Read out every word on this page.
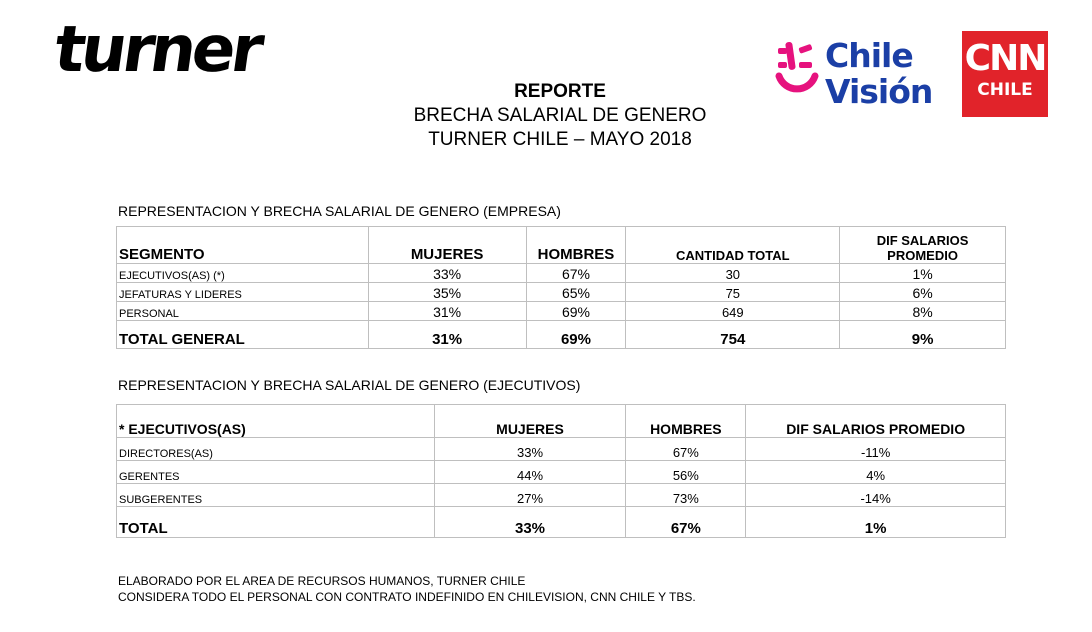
turner	Chile
Visión
CNN
CHILE
REPORTE
BRECHA SALARIAL DE GENERO
TURNER CHILE – MAYO 2018
REPRESENTACION Y BRECHA SALARIAL DE GENERO (EMPRESA)
SEGMENTO	MUJERES	HOMBRES	CANTIDAD TOTAL	DIF SALARIOS PROMEDIO
EJECUTIVOS(AS) (*)	33%	67%	30	1%
JEFATURAS Y LIDERES	35%	65%	75	6%
PERSONAL	31%	69%	649	8%
TOTAL GENERAL	31%	69%	754	9%
REPRESENTACION Y BRECHA SALARIAL DE GENERO (EJECUTIVOS)
* EJECUTIVOS(AS)	MUJERES	HOMBRES	DIF SALARIOS PROMEDIO
DIRECTORES(AS)	33%	67%	-11%
GERENTES	44%	56%	4%
SUBGERENTES	27%	73%	-14%
TOTAL	33%	67%	1%
ELABORADO POR EL AREA DE RECURSOS HUMANOS, TURNER CHILE
CONSIDERA TODO EL PERSONAL CON CONTRATO INDEFINIDO EN CHILEVISION, CNN CHILE Y TBS.
